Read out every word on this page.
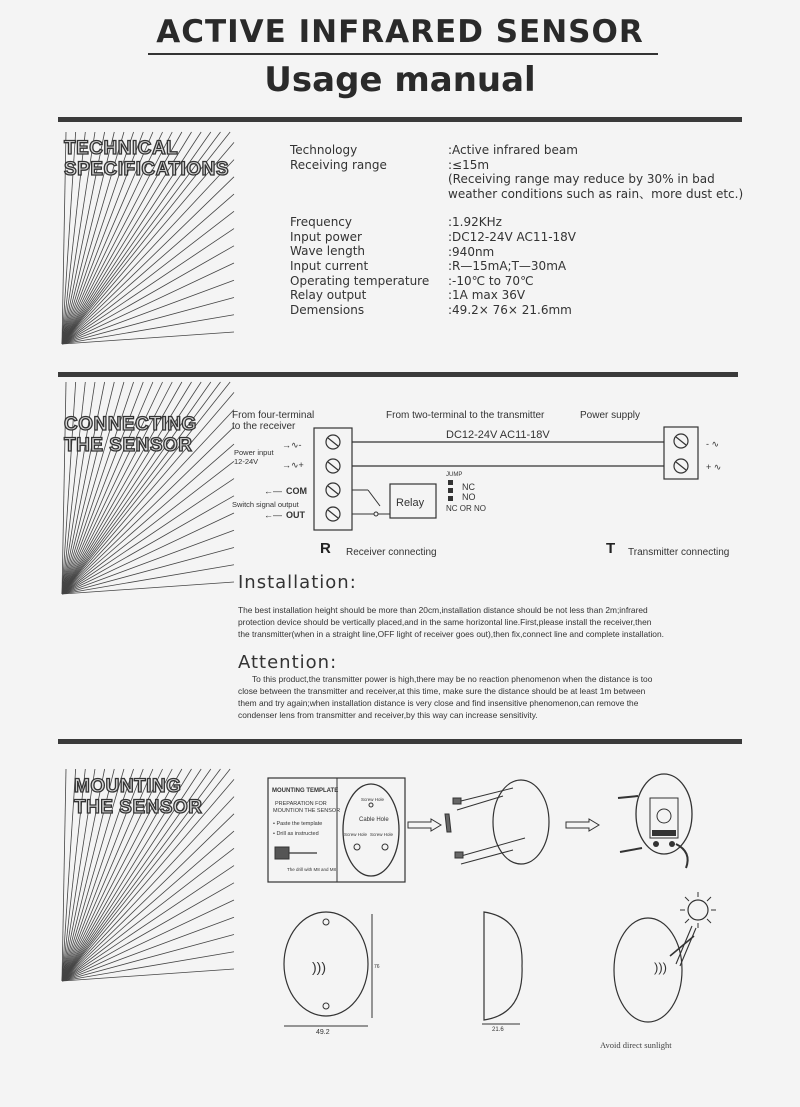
ACTIVE INFRARED SENSOR
Usage manual
TECHNICAL
SPECIFICATIONS
CONNECTING
THE SENSOR
MOUNTING
THE SENSOR
Technology
Receiving range
Frequency
Input power
Wave length
Input current
Operating temperature
Relay output
Demensions
:Active infrared beam
:≤15m
(Receiving range may reduce by 30% in bad
weather conditions such as rain、more dust etc.)
:1.92KHz
:DC12-24V AC11-18V
:940nm
:R—15mA;T—30mA
:-10℃ to 70℃
:1A max 36V
:49.2× 76× 21.6mm
From four-terminal
to the receiver
From two-terminal to the transmitter	Power supply
DC12-24V AC11-18V
- ∿
+ ∿
Power input
12-24V
→∿-
→∿+
←— COM
Switch signal output
←— OUT
Relay
JUMP
NC
NO
NC OR NO
R Receiver connecting	T Transmitter connecting
Installation:
The best installation height should be more than 20cm,installation distance should be not less than 2m;infrared
protection device should be vertically placed,and in the same horizontal line.First,please install the receiver,then
the transmitter(when in a straight line,OFF light of receiver goes out),then fix,connect line and complete installation.
Attention:
To this product,the transmitter power is high,there may be no reaction phenomenon when the distance is too
close between the transmitter and receiver,at this time, make sure the distance should be at least 1m between
them and try again;when installation distance is very close and find insensitive phenomenon,can remove the
condenser lens from transmitter and receiver,by this way can increase sensitivity.
MOUNTING TEMPLATE
PREPARATION FOR
MOUNTION THE SENSOR
• Paste the template
• Drill as instructed
The drill with M8 and M8
Screw Hole
Cable Hole
Screw Hole Screw Hole
)))
49.2
76
21.6
)))
Avoid direct sunlight
